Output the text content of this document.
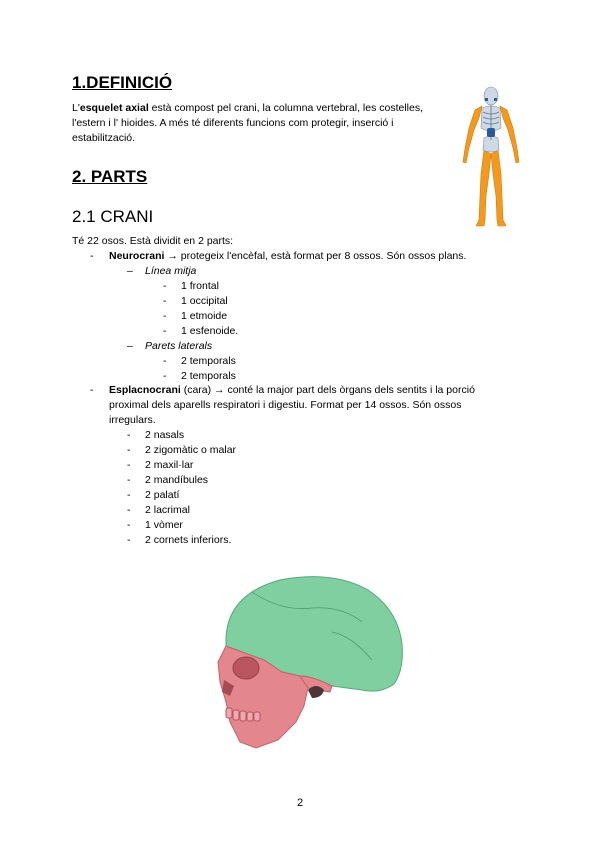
1.DEFINICIÓ

L'esquelet axial està compost pel crani, la columna vertebral, les costelles, l'estern i l' hioides. A més té diferents funcions com protegir, inserció i estabilització.

2. PARTS
2.1 CRANI
Té 22 osos. Està dividit en 2 parts:
- Neurocrani → protegeix l'encèfal, està format per 8 ossos. Són ossos plans.
– Línea mitja
- 1 frontal
- 1 occipital
- 1 etmoide
- 1 esfenoide.
– Parets laterals
- 2 temporals
- 2 temporals
- Esplacnocrani (cara) → conté la major part dels òrgans dels sentits i la porció
proximal dels aparells respiratori i digestiu. Format per 14 ossos. Són ossos
irregulars.
- 2 nasals
- 2 zigomàtic o malar
- 2 maxil·lar
- 2 mandíbules
- 2 palatí
- 2 lacrimal
- 1 vòmer
- 2 cornets inferiors.
2
